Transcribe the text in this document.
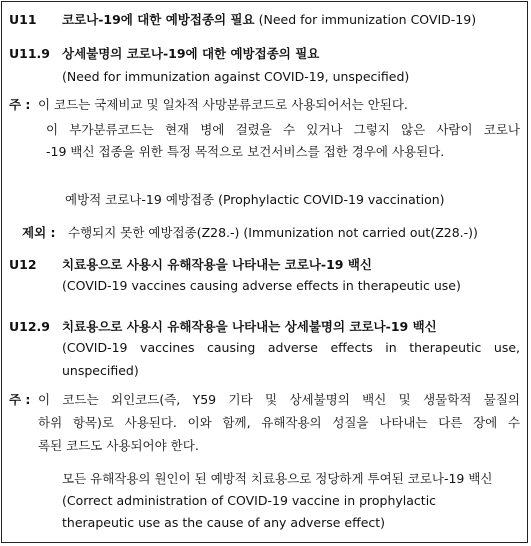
U11 코로나-19에 대한 예방접종의 필요 (Need for immunization COVID-19)
U11.9 상세불명의 코로나-19에 대한 예방접종의 필요
(Need for immunization against COVID-19, unspecified)
주 : 이 코드는 국제비교 및 일차적 사망분류코드로 사용되어서는 안된다.
이 부가분류코드는 현재 병에 걸렸을 수 있거나 그렇지 않은 사람이 코로나
-19 백신 접종을 위한 특정 목적으로 보건서비스를 접한 경우에 사용된다.
예방적 코로나-19 예방접종 (Prophylactic COVID-19 vaccination)
제외 : 수행되지 못한 예방접종(Z28.-) (Immunization not carried out(Z28.-))
U12 치료용으로 사용시 유해작용을 나타내는 코로나-19 백신
(COVID-19 vaccines causing adverse effects in therapeutic use)
U12.9 치료용으로 사용시 유해작용을 나타내는 상세불명의 코로나-19 백신
(COVID-19 vaccines causing adverse effects in therapeutic use,
unspecified)
주 : 이 코드는 외인코드(즉, Y59 기타 및 상세불명의 백신 및 생물학적 물질의
하위 항목)로 사용된다. 이와 함께, 유해작용의 성질을 나타내는 다른 장에 수
록된 코드도 사용되어야 한다.
모든 유해작용의 원인이 된 예방적 치료용으로 정당하게 투여된 코로나-19 백신
(Correct administration of COVID-19 vaccine in prophylactic
therapeutic use as the cause of any adverse effect)
